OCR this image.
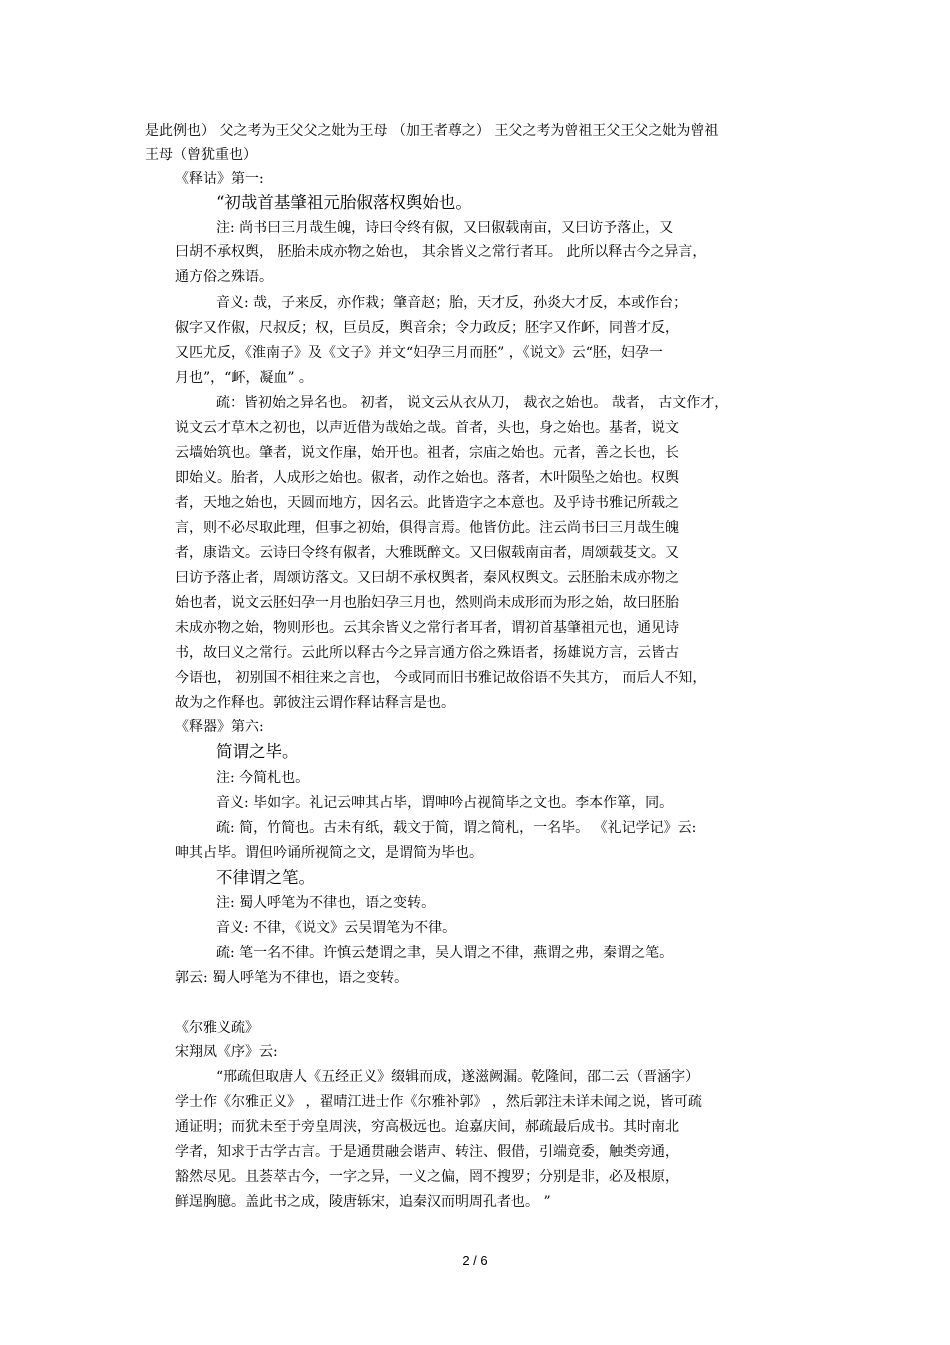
是此例也） 父之考为王父父之妣为王母 （加王者尊之） 王父之考为曾祖王父王父之妣为曾祖
王母（曾犹重也）
《释诂》第一:
“初哉首基肇祖元胎俶落权舆始也。
注: 尚书曰三月哉生魄，诗曰令终有俶，又曰俶载南亩，又曰访予落止，又
曰胡不承权舆， 胚胎未成亦物之始也， 其余皆义之常行者耳。 此所以释古今之异言，
通方俗之殊语。
音义: 哉，子来反，亦作栽；肇音赵；胎，天才反，孙炎大才反，本或作台；
俶字又作俶，尺叔反；权，巨员反，舆音余；令力政反；胚字又作衃，同普才反，
又匹尤反，《淮南子》及《文子》并文“妇孕三月而胚” ，《说文》云“胚，妇孕一
月也”，“衃，凝血” 。
疏：皆初始之异名也。 初者， 说文云从衣从刀， 裁衣之始也。 哉者， 古文作才，
说文云才草木之初也，以声近借为哉始之哉。首者，头也，身之始也。基者，说文
云墙始筑也。肇者，说文作肁，始开也。祖者，宗庙之始也。元者，善之长也，长
即始义。胎者，人成形之始也。俶者，动作之始也。落者，木叶陨坠之始也。权舆
者，天地之始也，天圆而地方，因名云。此皆造字之本意也。及乎诗书雅记所载之
言，则不必尽取此理，但事之初始，俱得言焉。他皆仿此。注云尚书曰三月哉生魄
者，康诰文。云诗曰令终有俶者，大雅既醉文。又曰俶载南亩者，周颂载芟文。又
曰访予落止者，周颂访落文。又曰胡不承权舆者，秦风权舆文。云胚胎未成亦物之
始也者，说文云胚妇孕一月也胎妇孕三月也，然则尚未成形而为形之始，故曰胚胎
未成亦物之始，物则形也。云其余皆义之常行者耳者，谓初首基肇祖元也，通见诗
书，故曰义之常行。云此所以释古今之异言通方俗之殊语者，扬雄说方言，云皆古
今语也， 初别国不相往来之言也， 今或同而旧书雅记故俗语不失其方， 而后人不知，
故为之作释也。郭彼注云谓作释诂释言是也。
《释器》第六:
简谓之毕。
注: 今简札也。
音义: 毕如字。礼记云呻其占毕，谓呻吟占视简毕之文也。李本作箪，同。
疏: 简，竹简也。古未有纸，载文于简，谓之简札，一名毕。 《礼记学记》云:
呻其占毕。谓但吟诵所视简之文，是谓简为毕也。
不律谓之笔。
注: 蜀人呼笔为不律也，语之变转。
音义: 不律，《说文》云吴谓笔为不律。
疏: 笔一名不律。许慎云楚谓之聿，吴人谓之不律，燕谓之弗，秦谓之笔。
郭云: 蜀人呼笔为不律也，语之变转。
《尔雅义疏》
宋翔凤《序》云:
“邢疏但取唐人《五经正义》缀辑而成，遂滋阙漏。乾隆间，邵二云（晋涵字）
学士作《尔雅正义》 ，翟晴江进士作《尔雅补郭》 ，然后郭注未详未闻之说，皆可疏
通证明；而犹未至于旁皇周浃，穷高极远也。迨嘉庆间，郝疏最后成书。其时南北
学者，知求于古学古言。于是通贯融会谐声、转注、假借，引端竟委，触类旁通，
豁然尽见。且荟萃古今，一字之异，一义之偏，罔不搜罗；分别是非，必及根原，
鲜逞胸臆。盖此书之成，陵唐轹宋，追秦汉而明周孔者也。 ”
2 / 6
